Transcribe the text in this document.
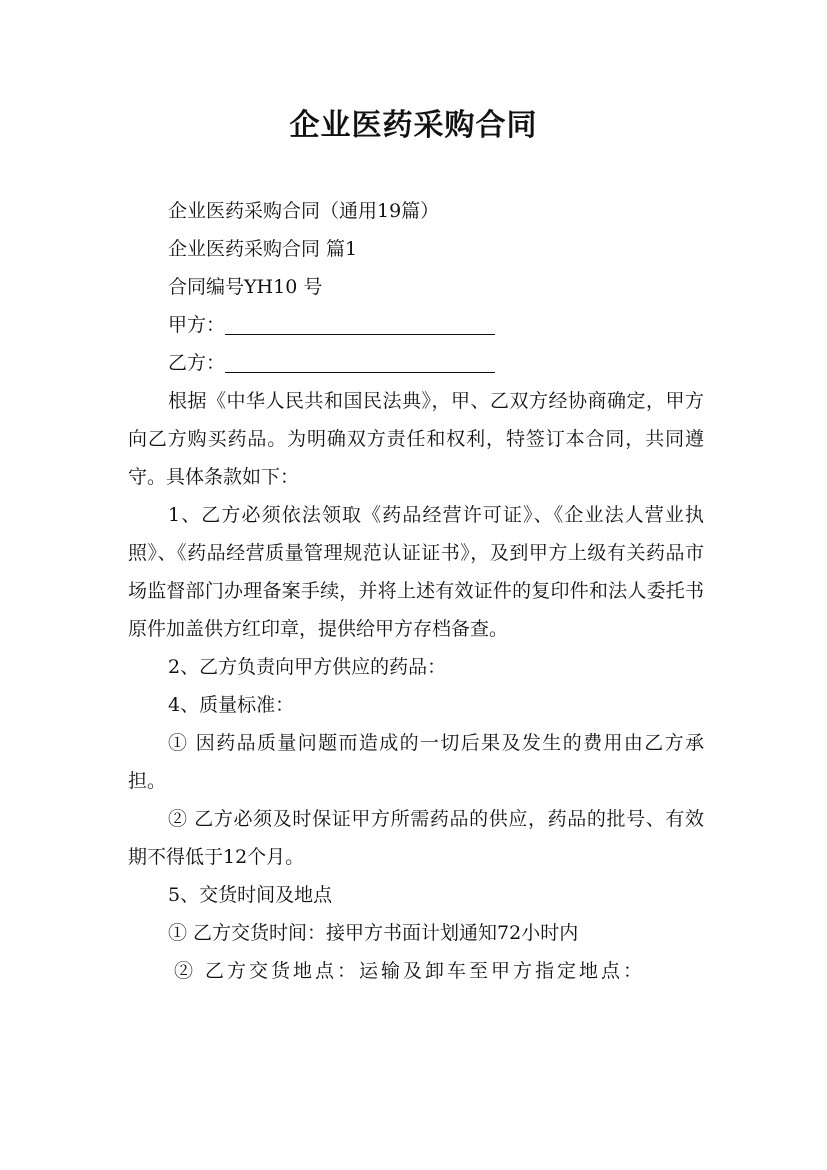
企业医药采购合同

企业医药采购合同（通用19篇）

企业医药采购合同 篇1

合同编号YH10 号

甲方：

乙方：

根据《中华人民共和国民法典》，甲、乙双方经协商确定，甲方向乙方购买药品。为明确双方责任和权利，特签订本合同，共同遵守。具体条款如下：

1、乙方必须依法领取《药品经营许可证》、《企业法人营业执照》、《药品经营质量管理规范认证证书》，及到甲方上级有关药品市场监督部门办理备案手续，并将上述有效证件的复印件和法人委托书原件加盖供方红印章，提供给甲方存档备查。

2、乙方负责向甲方供应的药品：

4、质量标准：

① 因药品质量问题而造成的一切后果及发生的费用由乙方承担。

② 乙方必须及时保证甲方所需药品的供应，药品的批号、有效期不得低于12个月。

5、交货时间及地点

① 乙方交货时间：接甲方书面计划通知72小时内

② 乙方交货地点：运输及卸车至甲方指定地点：
